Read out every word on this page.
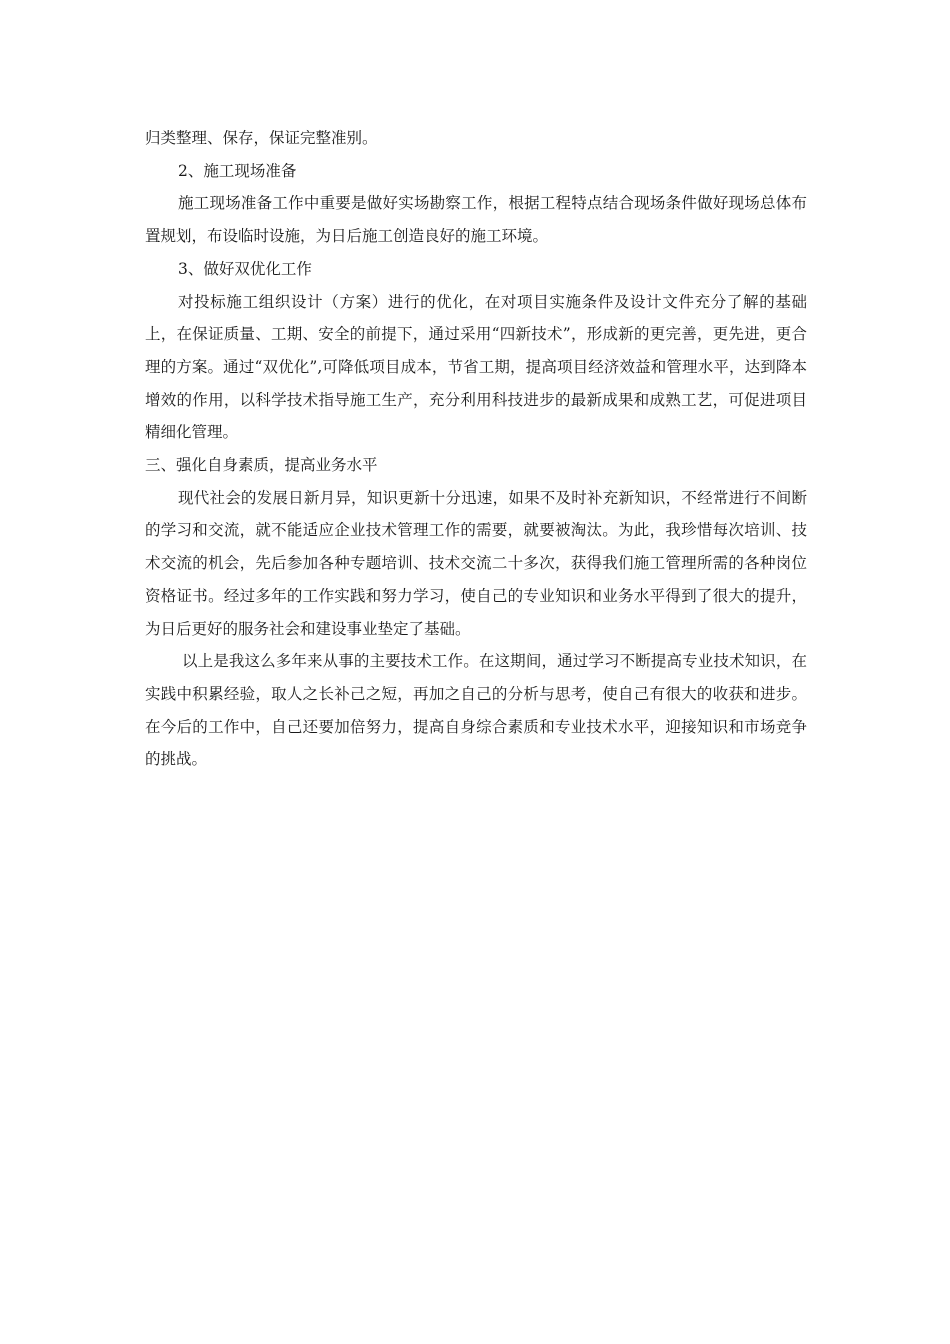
归类整理、保存，保证完整准别。

2、施工现场准备

施工现场准备工作中重要是做好实场勘察工作，根据工程特点结合现场条件做好现场总体布置规划，布设临时设施，为日后施工创造良好的施工环境。

3、做好双优化工作

对投标施工组织设计（方案）进行的优化，在对项目实施条件及设计文件充分了解的基础上，在保证质量、工期、安全的前提下，通过采用“四新技术”，形成新的更完善，更先进，更合理的方案。通过“双优化”,可降低项目成本，节省工期，提高项目经济效益和管理水平，达到降本增效的作用，以科学技术指导施工生产，充分利用科技进步的最新成果和成熟工艺，可促进项目精细化管理。

三、强化自身素质，提高业务水平

现代社会的发展日新月异，知识更新十分迅速，如果不及时补充新知识，不经常进行不间断的学习和交流，就不能适应企业技术管理工作的需要，就要被淘汰。为此，我珍惜每次培训、技术交流的机会，先后参加各种专题培训、技术交流二十多次，获得我们施工管理所需的各种岗位资格证书。经过多年的工作实践和努力学习，使自己的专业知识和业务水平得到了很大的提升，为日后更好的服务社会和建设事业垫定了基础。

以上是我这么多年来从事的主要技术工作。在这期间，通过学习不断提高专业技术知识，在实践中积累经验，取人之长补己之短，再加之自己的分析与思考，使自己有很大的收获和进步。在今后的工作中，自己还要加倍努力，提高自身综合素质和专业技术水平，迎接知识和市场竞争的挑战。
